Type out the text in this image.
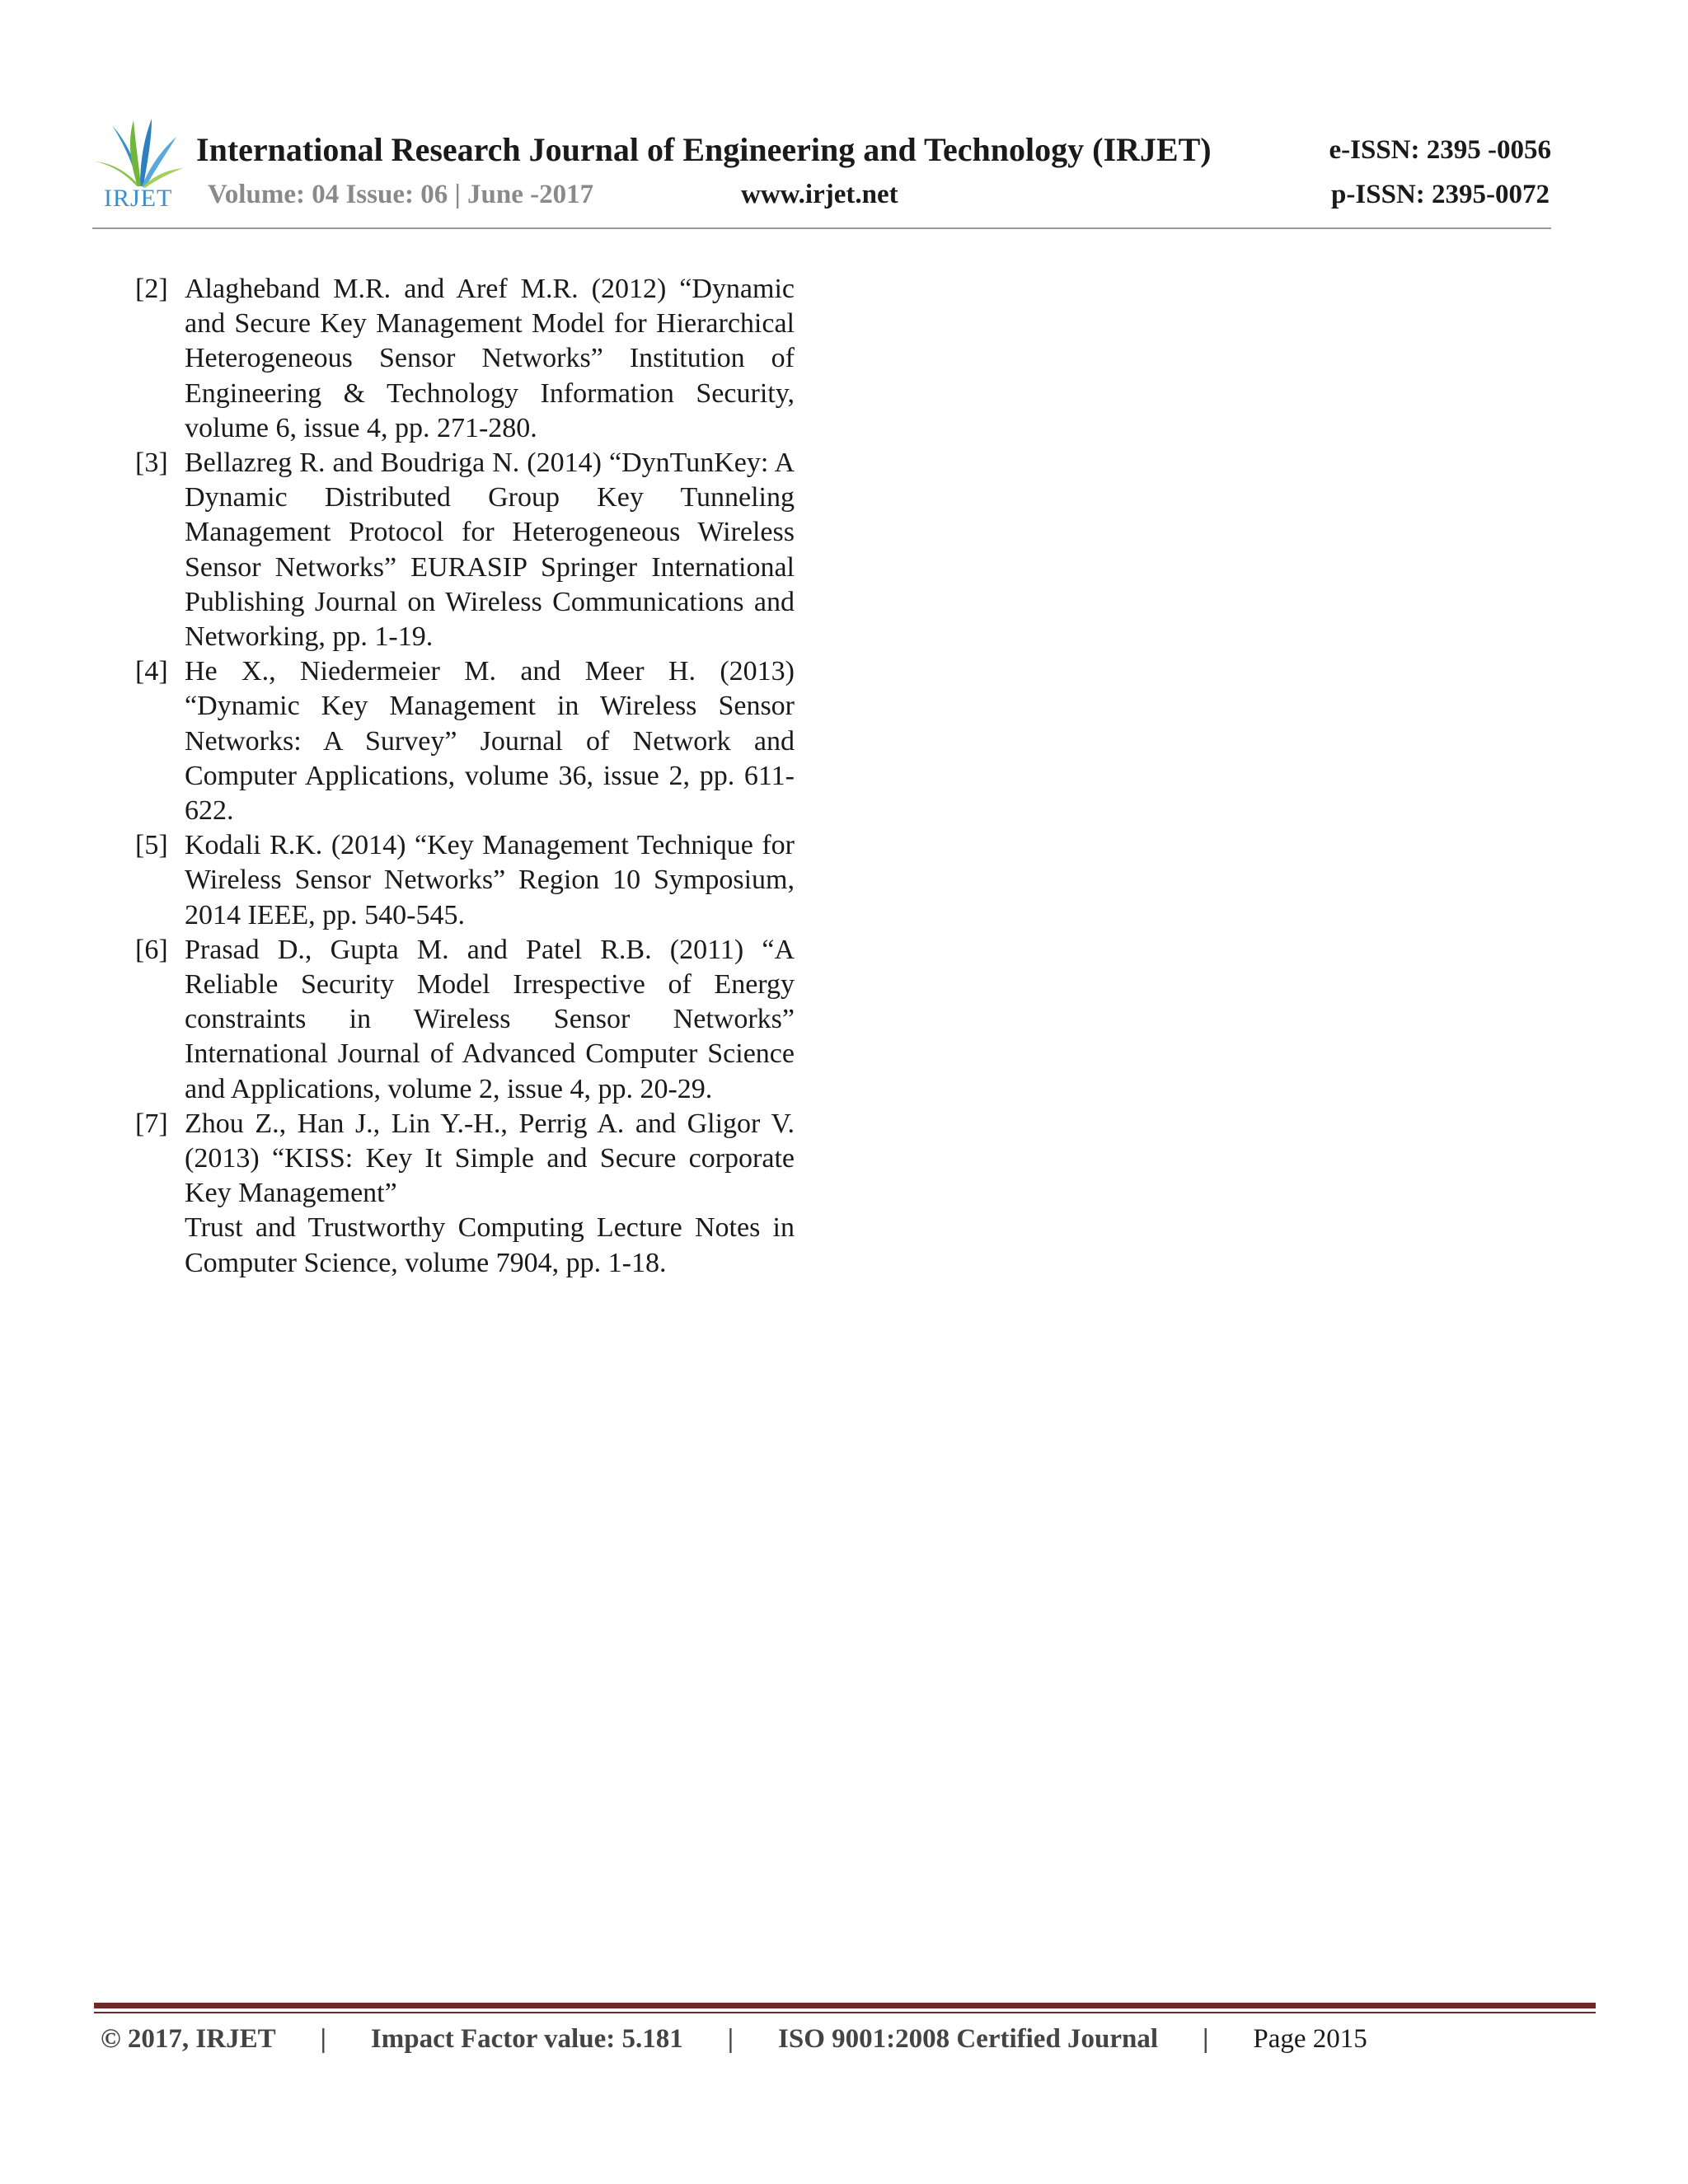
IRJET
International Research Journal of Engineering and Technology (IRJET)	e-ISSN: 2395 -0056
Volume: 04 Issue: 06 | June -2017	www.irjet.net	p-ISSN: 2395-0072
[2] Alagheband M.R. and Aref M.R. (2012) “Dynamic and Secure Key Management Model for Hierarchical Heterogeneous Sensor Networks” Institution of Engineering & Technology Information Security, volume 6, issue 4, pp. 271-280.
[3] Bellazreg R. and Boudriga N. (2014) “DynTunKey: A Dynamic Distributed Group Key Tunneling Management Protocol for Heterogeneous Wireless Sensor Networks” EURASIP Springer International Publishing Journal on Wireless Communications and Networking, pp. 1-19.
[4] He X., Niedermeier M. and Meer H. (2013) “Dynamic Key Management in Wireless Sensor Networks: A Survey” Journal of Network and Computer Applications, volume 36, issue 2, pp. 611-622.
[5] Kodali R.K. (2014) “Key Management Technique for Wireless Sensor Networks” Region 10 Symposium, 2014 IEEE, pp. 540-545.
[6] Prasad D., Gupta M. and Patel R.B. (2011) “A Reliable Security Model Irrespective of Energy constraints in Wireless Sensor Networks” International Journal of Advanced Computer Science and Applications, volume 2, issue 4, pp. 20-29.
[7] Zhou Z., Han J., Lin Y.-H., Perrig A. and Gligor V. (2013) “KISS: Key It Simple and Secure corporate Key Management”
Trust and Trustworthy Computing Lecture Notes in Computer Science, volume 7904, pp. 1-18.
© 2017, IRJET | Impact Factor value: 5.181 | ISO 9001:2008 Certified Journal | Page 2015
